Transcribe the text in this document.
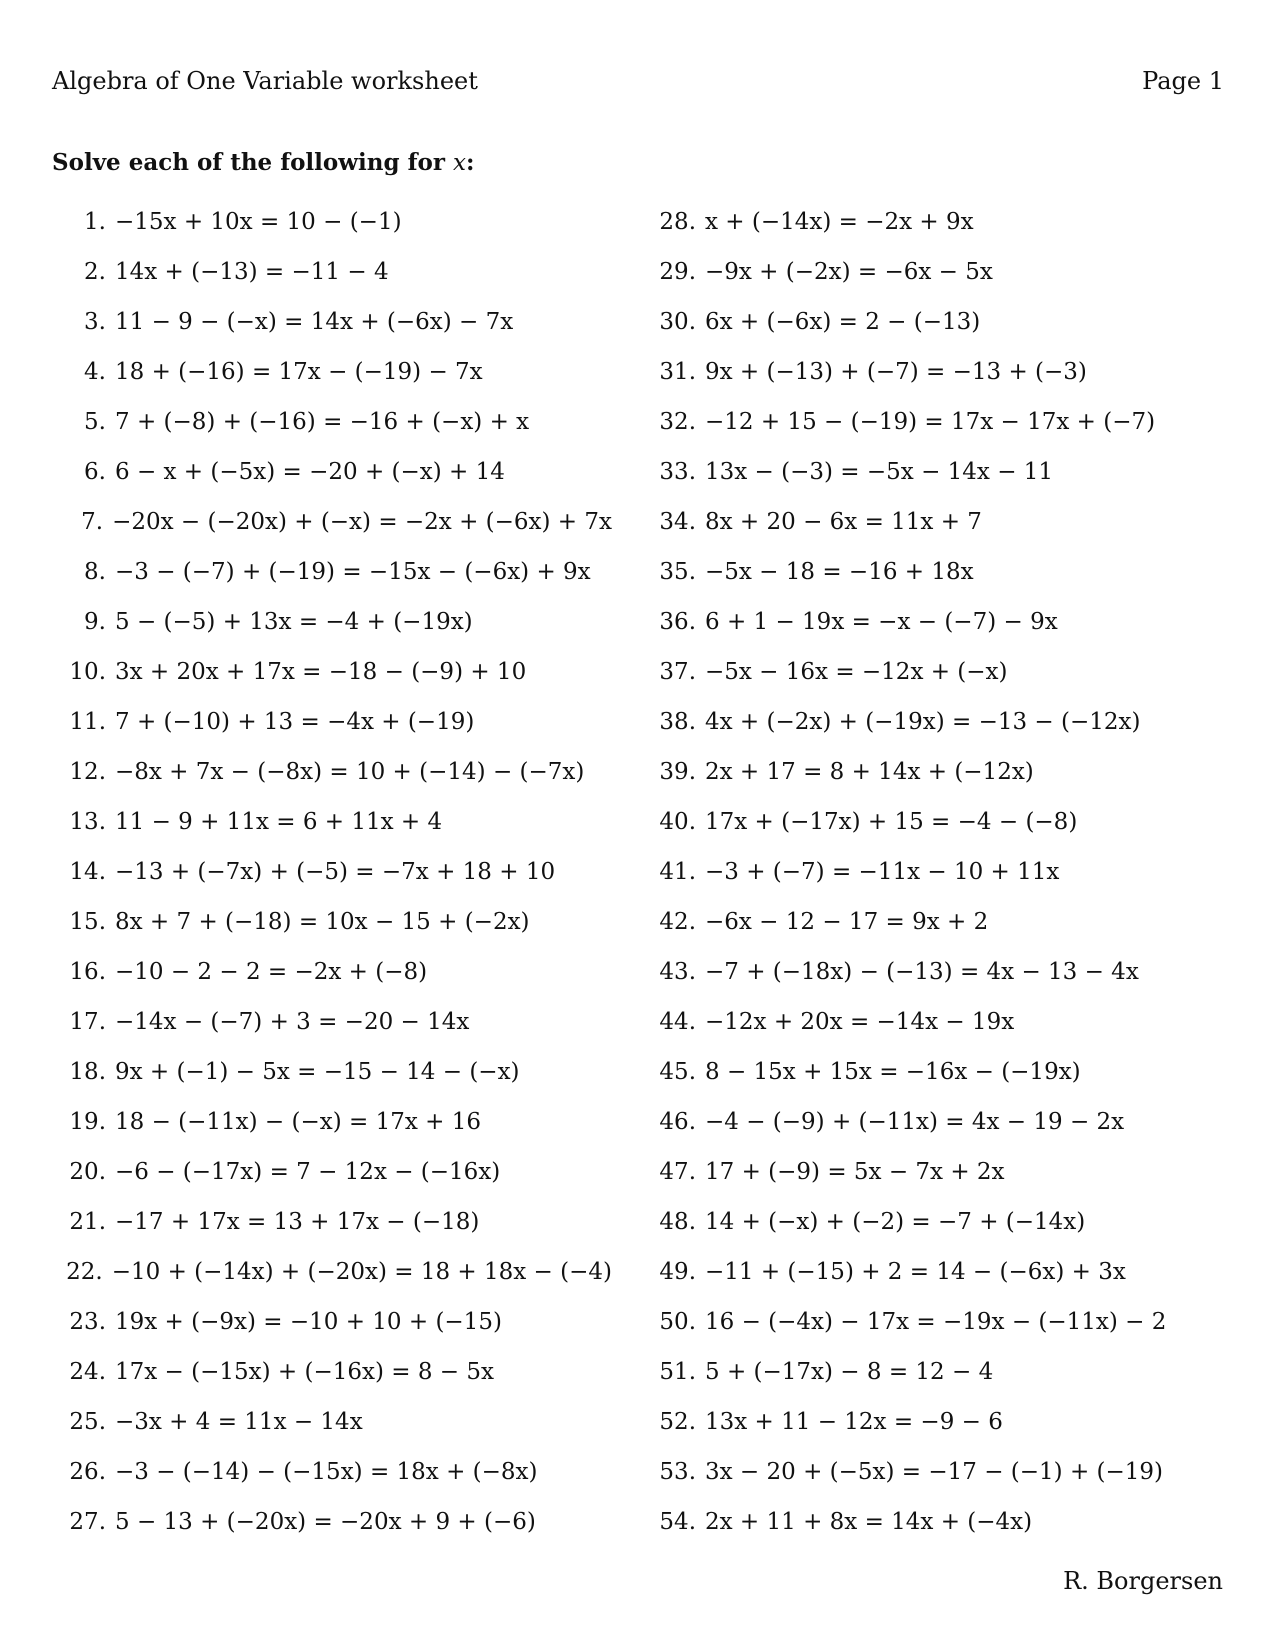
Algebra of One Variable worksheet	Page 1
Solve each of the following for x:
1. −15x + 10x = 10 − (−1)
2. 14x + (−13) = −11 − 4
3. 11 − 9 − (−x) = 14x + (−6x) − 7x
4. 18 + (−16) = 17x − (−19) − 7x
5. 7 + (−8) + (−16) = −16 + (−x) + x
6. 6 − x + (−5x) = −20 + (−x) + 14
7. −20x − (−20x) + (−x) = −2x + (−6x) + 7x
8. −3 − (−7) + (−19) = −15x − (−6x) + 9x
9. 5 − (−5) + 13x = −4 + (−19x)
10. 3x + 20x + 17x = −18 − (−9) + 10
11. 7 + (−10) + 13 = −4x + (−19)
12. −8x + 7x − (−8x) = 10 + (−14) − (−7x)
13. 11 − 9 + 11x = 6 + 11x + 4
14. −13 + (−7x) + (−5) = −7x + 18 + 10
15. 8x + 7 + (−18) = 10x − 15 + (−2x)
16. −10 − 2 − 2 = −2x + (−8)
17. −14x − (−7) + 3 = −20 − 14x
18. 9x + (−1) − 5x = −15 − 14 − (−x)
19. 18 − (−11x) − (−x) = 17x + 16
20. −6 − (−17x) = 7 − 12x − (−16x)
21. −17 + 17x = 13 + 17x − (−18)
22. −10 + (−14x) + (−20x) = 18 + 18x − (−4)
23. 19x + (−9x) = −10 + 10 + (−15)
24. 17x − (−15x) + (−16x) = 8 − 5x
25. −3x + 4 = 11x − 14x
26. −3 − (−14) − (−15x) = 18x + (−8x)
27. 5 − 13 + (−20x) = −20x + 9 + (−6)
28. x + (−14x) = −2x + 9x
29. −9x + (−2x) = −6x − 5x
30. 6x + (−6x) = 2 − (−13)
31. 9x + (−13) + (−7) = −13 + (−3)
32. −12 + 15 − (−19) = 17x − 17x + (−7)
33. 13x − (−3) = −5x − 14x − 11
34. 8x + 20 − 6x = 11x + 7
35. −5x − 18 = −16 + 18x
36. 6 + 1 − 19x = −x − (−7) − 9x
37. −5x − 16x = −12x + (−x)
38. 4x + (−2x) + (−19x) = −13 − (−12x)
39. 2x + 17 = 8 + 14x + (−12x)
40. 17x + (−17x) + 15 = −4 − (−8)
41. −3 + (−7) = −11x − 10 + 11x
42. −6x − 12 − 17 = 9x + 2
43. −7 + (−18x) − (−13) = 4x − 13 − 4x
44. −12x + 20x = −14x − 19x
45. 8 − 15x + 15x = −16x − (−19x)
46. −4 − (−9) + (−11x) = 4x − 19 − 2x
47. 17 + (−9) = 5x − 7x + 2x
48. 14 + (−x) + (−2) = −7 + (−14x)
49. −11 + (−15) + 2 = 14 − (−6x) + 3x
50. 16 − (−4x) − 17x = −19x − (−11x) − 2
51. 5 + (−17x) − 8 = 12 − 4
52. 13x + 11 − 12x = −9 − 6
53. 3x − 20 + (−5x) = −17 − (−1) + (−19)
54. 2x + 11 + 8x = 14x + (−4x)
R. Borgersen
